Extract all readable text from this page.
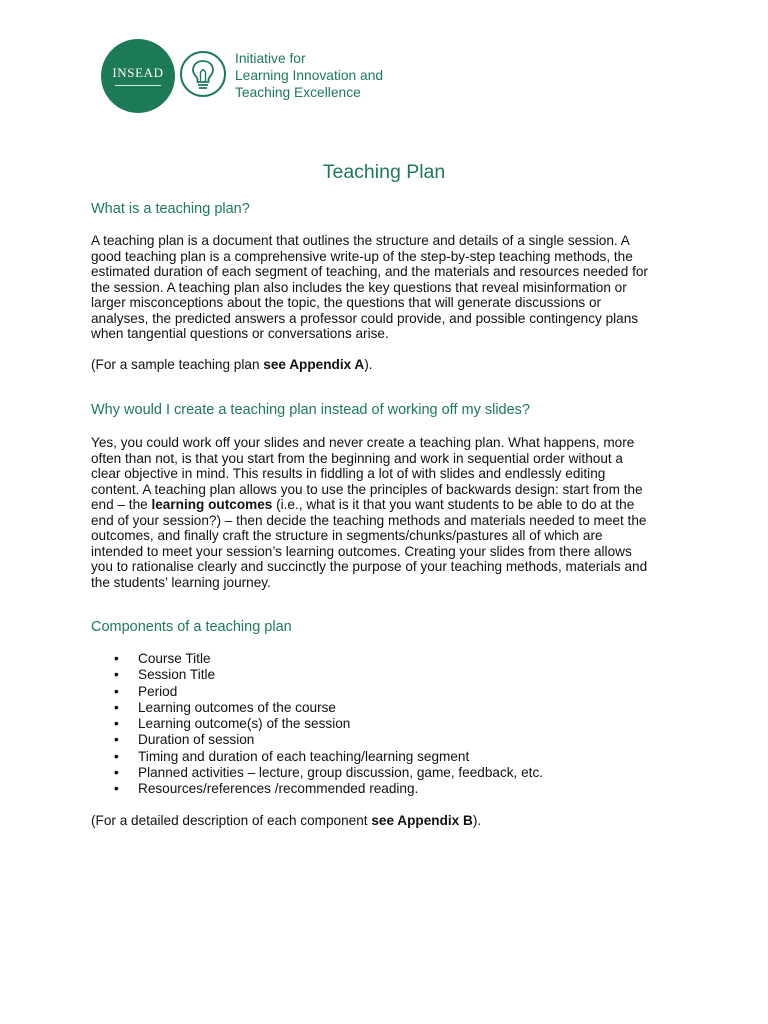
INSEAD
Initiative for
Learning Innovation and
Teaching Excellence
Teaching Plan
What is a teaching plan?

A teaching plan is a document that outlines the structure and details of a single session. A
good teaching plan is a comprehensive write-up of the step-by-step teaching methods, the
estimated duration of each segment of teaching, and the materials and resources needed for
the session. A teaching plan also includes the key questions that reveal misinformation or
larger misconceptions about the topic, the questions that will generate discussions or
analyses, the predicted answers a professor could provide, and possible contingency plans
when tangential questions or conversations arise.

(For a sample teaching plan see Appendix A).

Why would I create a teaching plan instead of working off my slides?

Yes, you could work off your slides and never create a teaching plan. What happens, more
often than not, is that you start from the beginning and work in sequential order without a
clear objective in mind. This results in fiddling a lot of with slides and endlessly editing
content. A teaching plan allows you to use the principles of backwards design: start from the
end – the learning outcomes (i.e., what is it that you want students to be able to do at the
end of your session?) – then decide the teaching methods and materials needed to meet the
outcomes, and finally craft the structure in segments/chunks/pastures all of which are
intended to meet your session’s learning outcomes. Creating your slides from there allows
you to rationalise clearly and succinctly the purpose of your teaching methods, materials and
the students’ learning journey.

Components of a teaching plan
• Course Title
• Session Title
• Period
• Learning outcomes of the course
• Learning outcome(s) of the session
• Duration of session
• Timing and duration of each teaching/learning segment
• Planned activities – lecture, group discussion, game, feedback, etc.
• Resources/references /recommended reading.

(For a detailed description of each component see Appendix B).
